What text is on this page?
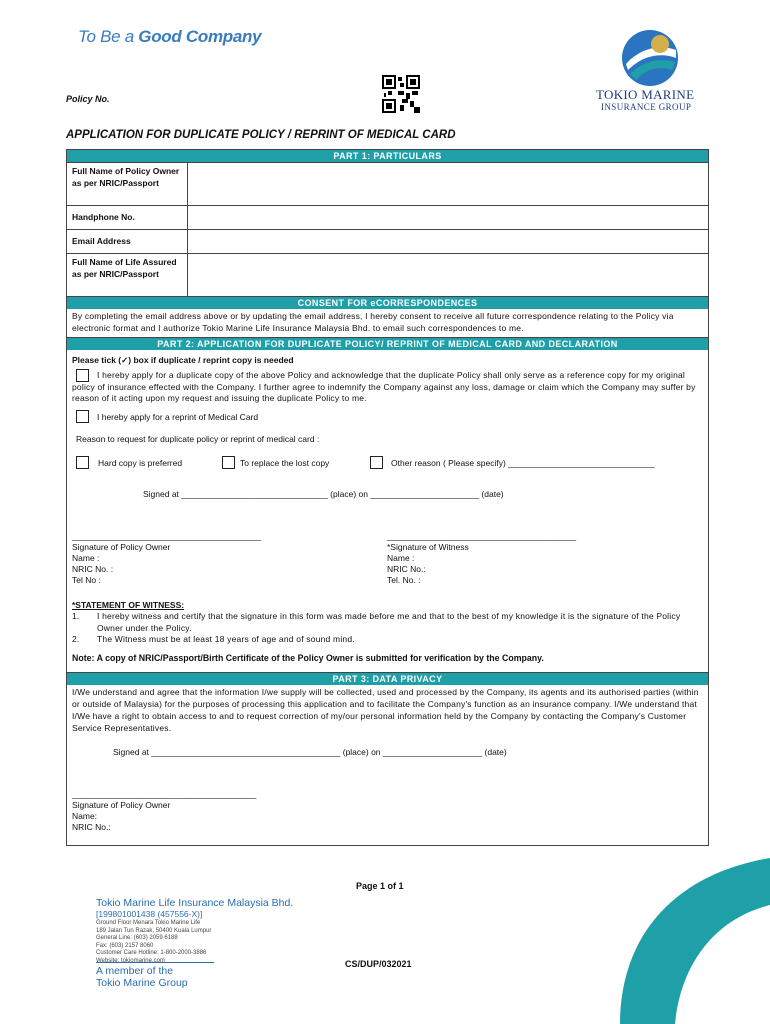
To Be a Good Company
TOKIO MARINE
INSURANCE GROUP
Policy No.
APPLICATION FOR DUPLICATE POLICY / REPRINT OF MEDICAL CARD
PART 1: PARTICULARS
Full Name of Policy Owner as per NRIC/Passport
Handphone No.
Email Address
Full Name of Life Assured as per NRIC/Passport
CONSENT FOR eCORRESPONDENCES
By completing the email address above or by updating the email address, I hereby consent to receive all future correspondence relating to the Policy via electronic format and I authorize Tokio Marine Life Insurance Malaysia Bhd. to email such correspondences to me.
PART 2: APPLICATION FOR DUPLICATE POLICY/ REPRINT OF MEDICAL CARD AND DECLARATION
Please tick (✓) box if duplicate / reprint copy is needed
I hereby apply for a duplicate copy of the above Policy and acknowledge that the duplicate Policy shall only serve as a reference copy for my original policy of insurance effected with the Company. I further agree to indemnify the Company against any loss, damage or claim which the Company may suffer by reason of it acting upon my request and issuing the duplicate Policy to me.
I hereby apply for a reprint of Medical Card
Reason to request for duplicate policy or reprint of medical card :
Hard copy is preferred	To replace the lost copy	Other reason ( Please specify) _______________________________
Signed at _______________________________ (place) on _______________________ (date)
________________________________________
Signature of Policy Owner
Name :
NRIC No. :
Tel No :
________________________________________
*Signature of Witness
Name :
NRIC No.:
Tel. No. :
*STATEMENT OF WITNESS:
1.	I hereby witness and certify that the signature in this form was made before me and that to the best of my knowledge it is the signature of the Policy Owner under the Policy.
2.	The Witness must be at least 18 years of age and of sound mind.
Note: A copy of NRIC/Passport/Birth Certificate of the Policy Owner is submitted for verification by the Company.
PART 3: DATA PRIVACY
I/We understand and agree that the information I/we supply will be collected, used and processed by the Company, its agents and its authorised parties (within or outside of Malaysia) for the purposes of processing this application and to facilitate the Company's function as an insurance company. I/We understand that I/We have a right to obtain access to and to request correction of my/our personal information held by the Company by contacting the Company's Customer Service Representatives.
Signed at ________________________________________ (place) on _____________________ (date)
_______________________________________
Signature of Policy Owner
Name:
NRIC No.:
Page 1 of 1
Tokio Marine Life Insurance Malaysia Bhd.
[199801001438 (457556-X)]
Ground Floor Menara Tokio Marine Life
189 Jalan Tun Razak, 50400 Kuala Lumpur
General Line: (603) 2059 6188
Fax: (603) 2157 8060
Customer Care Hotline: 1-800-2000-3886
Website: tokiomarine.com
A member of the
Tokio Marine Group
CS/DUP/032021
